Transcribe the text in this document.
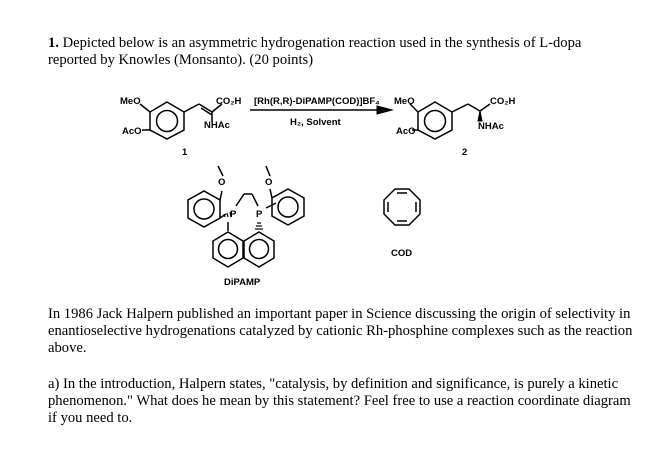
1. Depicted below is an asymmetric hydrogenation reaction used in the synthesis of L-dopa
reported by Knowles (Monsanto). (20 points)
MeO
AcO
CO₂H
NHAc
1
[Rh(R,R)-DiPAMP(COD)]BF₄
H₂, Solvent
MeO
AcO
CO₂H
NHAc
2
O	O
P P
DiPAMP
COD
In 1986 Jack Halpern published an important paper in Science discussing the origin of selectivity in enantioselective hydrogenations catalyzed by cationic Rh-phosphine complexes such as the reaction above.
a) In the introduction, Halpern states, "catalysis, by definition and significance, is purely a kinetic phenomenon." What does he mean by this statement? Feel free to use a reaction coordinate diagram if you need to.
